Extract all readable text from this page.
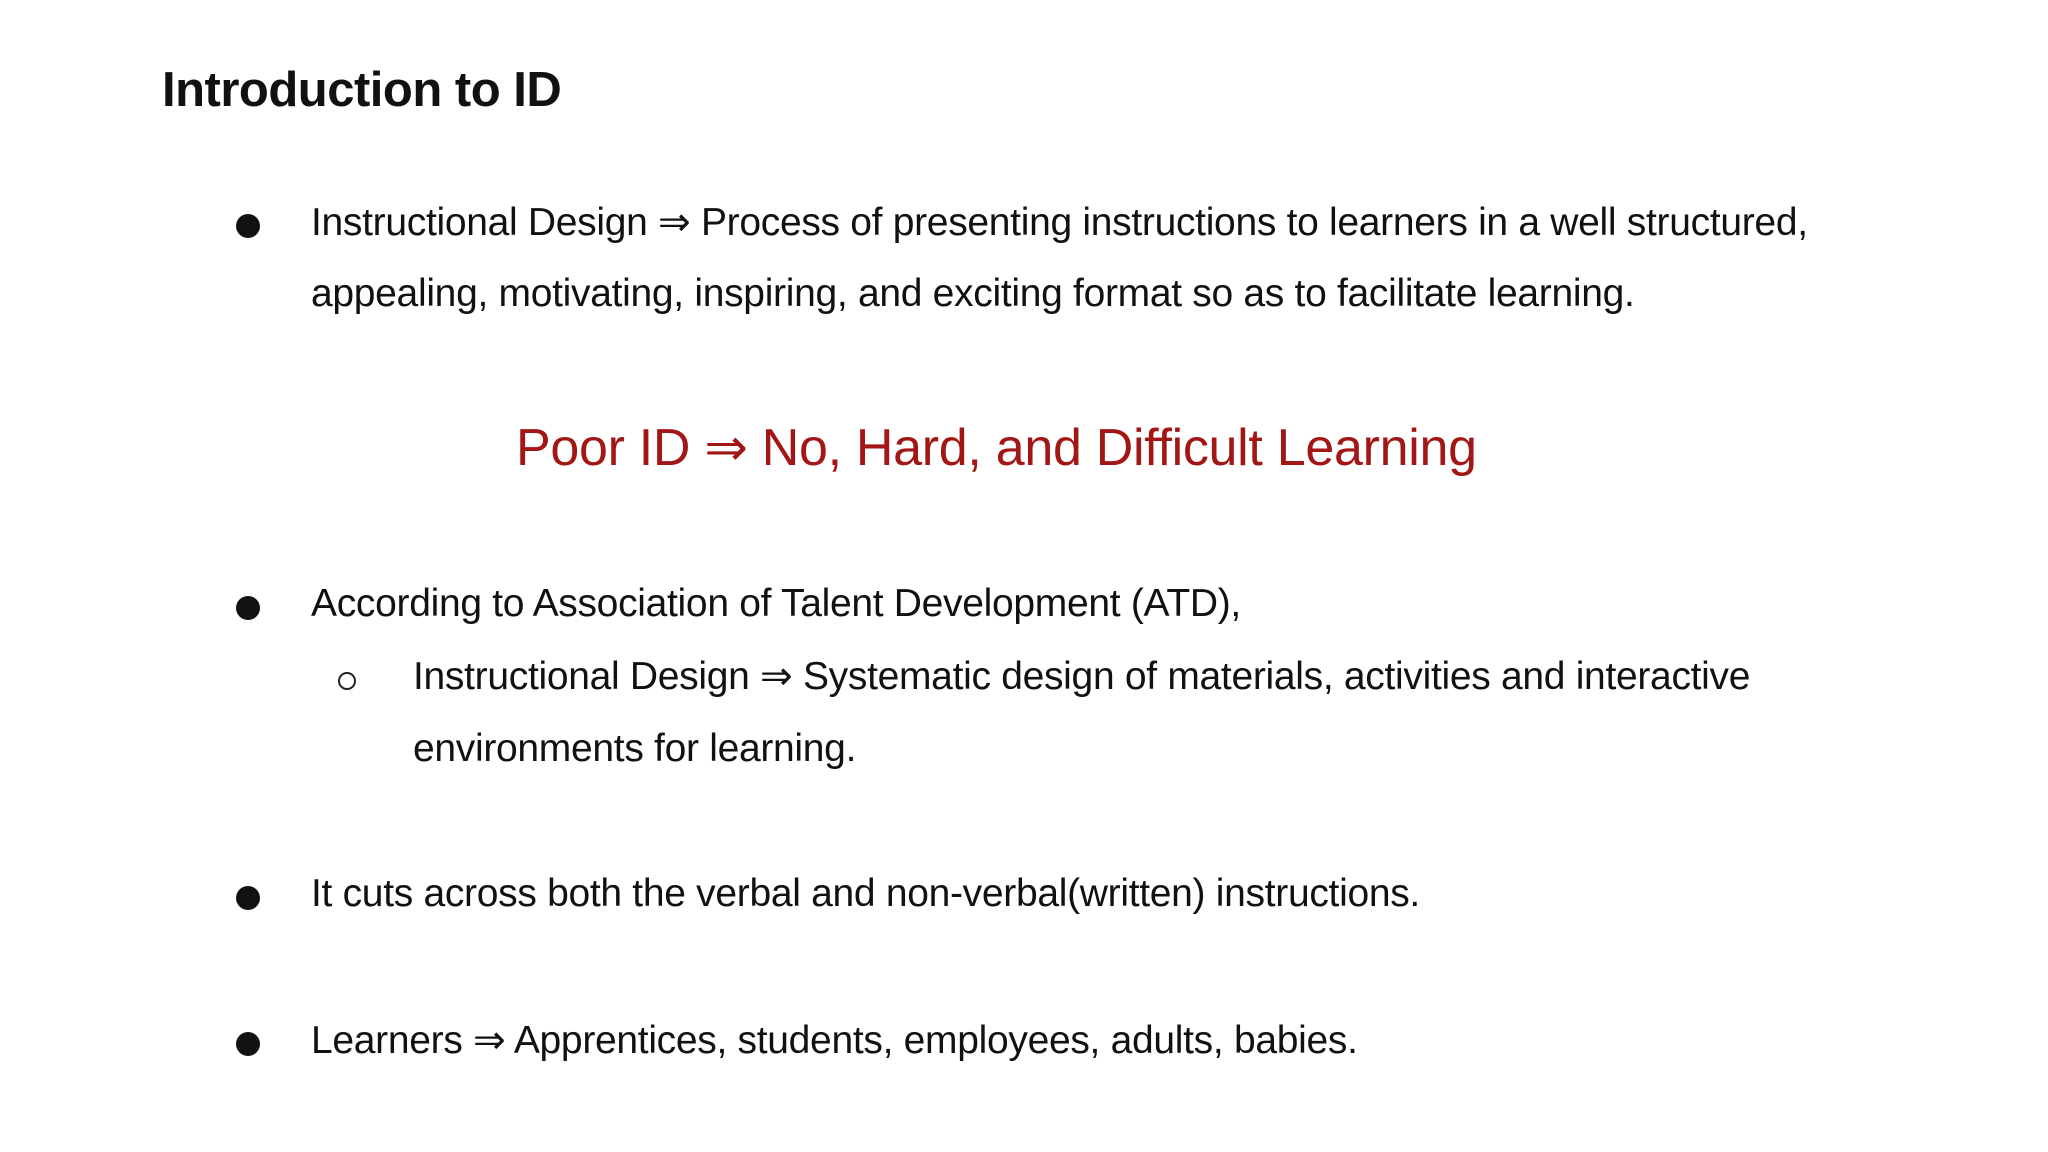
Introduction to ID
Instructional Design ⇒ Process of presenting instructions to learners in a well structured,
appealing, motivating, inspiring, and exciting format so as to facilitate learning.
Poor ID ⇒ No, Hard, and Difficult Learning
According to Association of Talent Development (ATD),
Instructional Design ⇒ Systematic design of materials, activities and interactive
environments for learning.
It cuts across both the verbal and non-verbal(written) instructions.
Learners ⇒ Apprentices, students, employees, adults, babies.
